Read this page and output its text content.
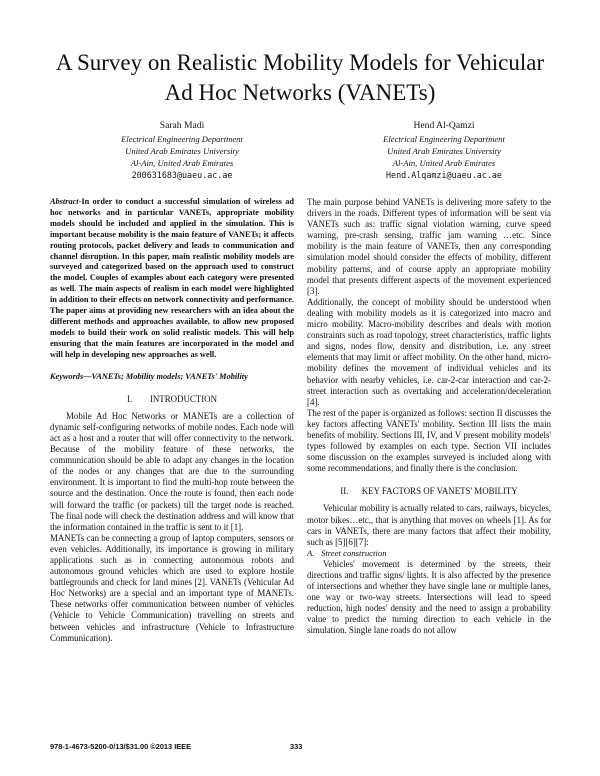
A Survey on Realistic Mobility Models for Vehicular
Ad Hoc Networks (VANETs)
Sarah Madi
Electrical Engineering Department
United Arab Emirates University
Al-Ain, United Arab Emirates
200631683@uaeu.ac.ae
Hend Al-Qamzi
Electrical Engineering Department
United Arab Emirates University
Al-Ain, United Arab Emirates
Hend.Alqamzi@uaeu.ac.ae

Abstract-In order to conduct a successful simulation of wireless ad hoc networks and in particular VANETs, appropriate mobility models should be included and applied in the simulation. This is important because mobility is the main feature of VANETs; it affects routing protocols, packet delivery and leads to communication and channel disruption. In this paper, main realistic mobility models are surveyed and categorized based on the approach used to construct the model. Couples of examples about each category were presented as well. The main aspects of realism in each model were highlighted in addition to their effects on network connectivity and performance. The paper aims at providing new researchers with an idea about the different methods and approaches available, to allow new proposed models to build their work on solid realistic models. This will help ensuring that the main features are incorporated in the model and will help in developing new approaches as well.

Keywords—VANETs; Mobility models; VANETs' Mobility

I. INTRODUCTION

Mobile Ad Hoc Networks or MANETs are a collection of dynamic self-configuring networks of mobile nodes. Each node will act as a host and a router that will offer connectivity to the network. Because of the mobility feature of these networks, the communication should be able to adapt any changes in the location of the nodes or any changes that are due to the surrounding environment. It is important to find the multi-hop route between the source and the destination. Once the route is found, then each node will forward the traffic (or packets) till the target node is reached. The final node will check the destination address and will know that the information contained in the traffic is sent to it [1].

MANETs can be connecting a group of laptop computers, sensors or even vehicles. Additionally, its importance is growing in military applications such as in connecting autonomous robots and autonomous ground vehicles which are used to explore hostile battlegrounds and check for land mines [2]. VANETs (Vehicular Ad Hoc Networks) are a special and an important type of MANETs. These networks offer communication between number of vehicles (Vehicle to Vehicle Communication) travelling on streets and between vehicles and infrastructure (Vehicle to Infrastructure Communication).

The main purpose behind VANETs is delivering more safety to the drivers in the roads. Different types of information will be sent via VANETs such as: traffic signal violation warning, curve speed warning, pre-crash sensing, traffic jam warning …etc. Since mobility is the main feature of VANETs, then any corresponding simulation model should consider the effects of mobility, different mobility patterns, and of course apply an appropriate mobility model that presents different aspects of the movement experienced [3].

Additionally, the concept of mobility should be understood when dealing with mobility models as it is categorized into macro and micro mobility. Macro-mobility describes and deals with motion constraints such as road topology, street characteristics, traffic lights and signs, nodes flow, density and distribution, i.e. any street elements that may limit or affect mobility. On the other hand, micro-mobility defines the movement of individual vehicles and its behavior with nearby vehicles, i.e. car-2-car interaction and car-2-street interaction such as overtaking and acceleration/deceleration [4].

The rest of the paper is organized as follows: section II discusses the key factors affecting VANETs' mobility. Section III lists the main benefits of mobility. Sections III, IV, and V present mobility models' types followed by examples on each type. Section VII includes some discussion on the examples surveyed is included along with some recommendations, and finally there is the conclusion.

II. KEY FACTORS OF VANETS' MOBILITY

Vehicular mobility is actually related to cars, railways, bicycles, motor bikes…etc., that is anything that moves on wheels [1]. As for cars in VANETs, there are many factors that affect their mobility, such as [5][6][7]:

A. Street construction

Vehicles' movement is determined by the streets, their directions and traffic signs/ lights. It is also affected by the presence of intersections and whether they have single lane or multiple lanes, one way or two-way streets. Intersections will lead to speed reduction, high nodes' density and the need to assign a probability value to predict the turning direction to each vehicle in the simulation. Single lane roads do not allow

978-1-4673-5200-0/13/$31.00 ©2013 IEEE	333
